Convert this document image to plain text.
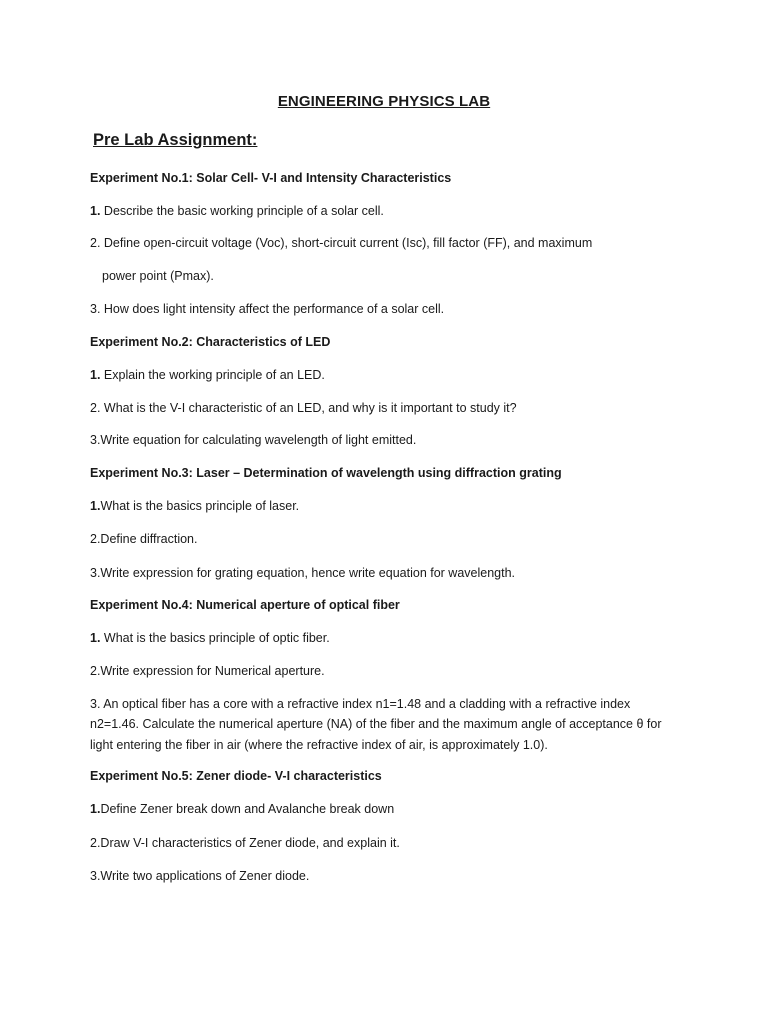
ENGINEERING PHYSICS LAB
Pre Lab Assignment:
Experiment No.1: Solar Cell- V-I and Intensity Characteristics
1. Describe the basic working principle of a solar cell.
2. Define open-circuit voltage (Voc), short-circuit current (Isc), fill factor (FF), and maximum
power point (Pmax).
3. How does light intensity affect the performance of a solar cell.
Experiment No.2: Characteristics of LED
1. Explain the working principle of an LED.
2. What is the V-I characteristic of an LED, and why is it important to study it?
3.Write equation for calculating wavelength of light emitted.
Experiment No.3: Laser – Determination of wavelength using diffraction grating
1.What is the basics principle of laser.
2.Define diffraction.
3.Write expression for grating equation, hence write equation for wavelength.
Experiment No.4: Numerical aperture of optical fiber
1. What is the basics principle of optic fiber.
2.Write expression for Numerical aperture.
3. An optical fiber has a core with a refractive index n1=1.48 and a cladding with a refractive index
n2=1.46. Calculate the numerical aperture (NA) of the fiber and the maximum angle of acceptance θ for
light entering the fiber in air (where the refractive index of air, is approximately 1.0).
Experiment No.5: Zener diode- V-I characteristics
1.Define Zener break down and Avalanche break down
2.Draw V-I characteristics of Zener diode, and explain it.
3.Write two applications of Zener diode.
